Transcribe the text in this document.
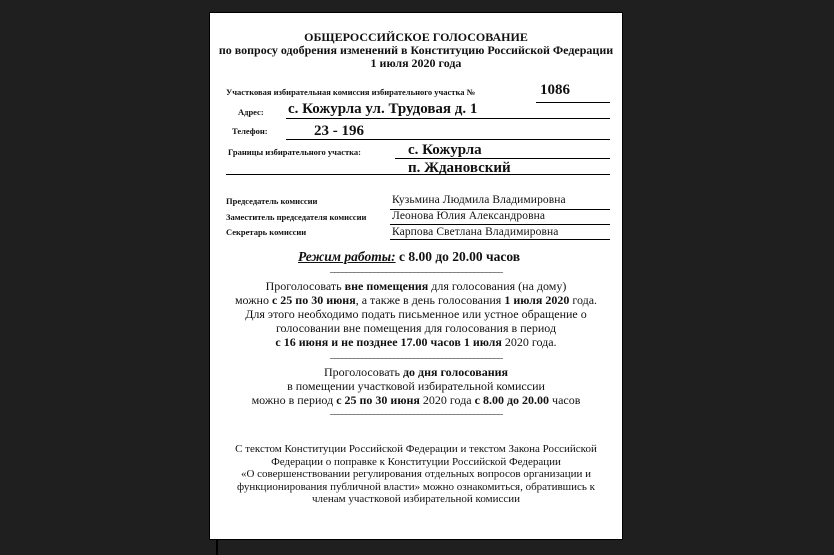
ОБЩЕРОССИЙСКОЕ ГОЛОСОВАНИЕ
по вопросу одобрения изменений в Конституцию Российской Федерации
1 июля 2020 года
Участковая избирательная комиссия избирательного участка №	1086
Адрес: с. Кожурла ул. Трудовая д. 1
Телефон:	23 - 196
Границы избирательного участка:	с. Кожурла
п. Ждановский
Председатель комиссии	Кузьмина Людмила Владимировна
Заместитель председателя комиссии Леонова Юлия Александровна
Секретарь комиссии	Карпова Светлана Владимировна
Режим работы: с 8.00 до 20.00 часов
___________________________________________
Проголосовать вне помещения для голосования (на дому)
можно с 25 по 30 июня, а также в день голосования 1 июля 2020 года.
Для этого необходимо подать письменное или устное обращение о
голосовании вне помещения для голосования в период
с 16 июня и не позднее 17.00 часов 1 июля 2020 года.
___________________________________________
Проголосовать до дня голосования
в помещении участковой избирательной комиссии
можно в период с 25 по 30 июня 2020 года с 8.00 до 20.00 часов
___________________________________________
С текстом Конституции Российской Федерации и текстом Закона Российской
Федерации о поправке к Конституции Российской Федерации
«О совершенствовании регулирования отдельных вопросов организации и
функционирования публичной власти» можно ознакомиться, обратившись к
членам участковой избирательной комиссии
